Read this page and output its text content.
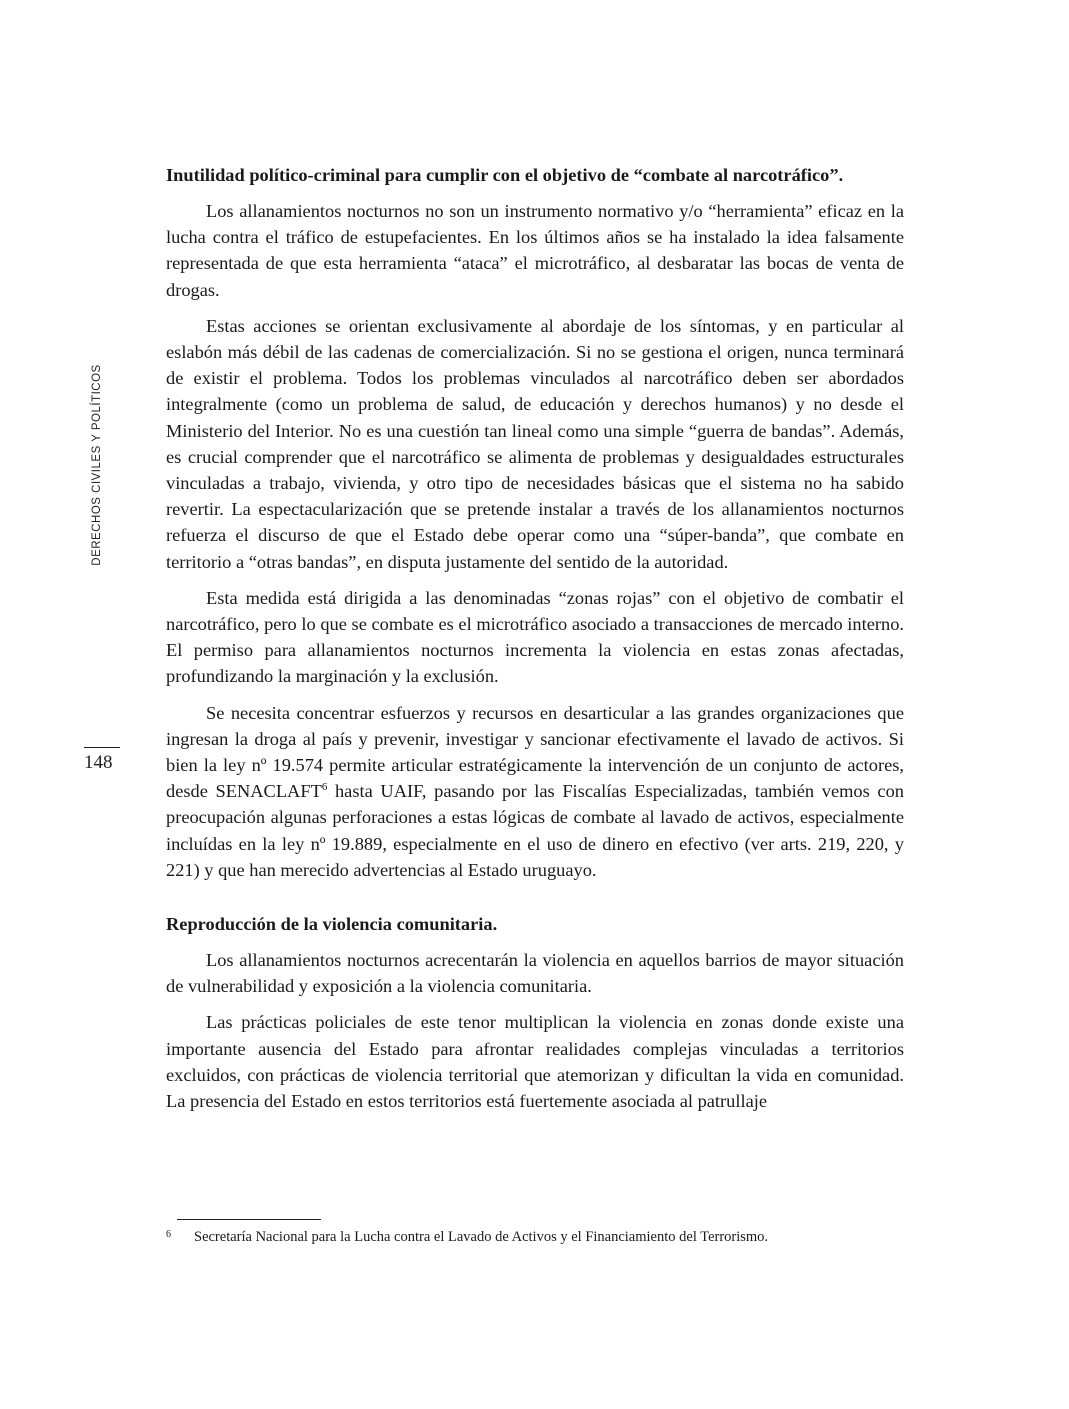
DERECHOS CIVILES Y POLÍTICOS
148
Inutilidad político-criminal para cumplir con el objetivo de “combate al narcotráfico”.

Los allanamientos nocturnos no son un instrumento normativo y/o “herramienta” eficaz en la lucha contra el tráfico de estupefacientes. En los últimos años se ha instalado la idea falsamente representada de que esta herramienta “ataca” el microtráfico, al desbaratar las bocas de venta de drogas.

Estas acciones se orientan exclusivamente al abordaje de los síntomas, y en particular al eslabón más débil de las cadenas de comercialización. Si no se gestiona el origen, nunca terminará de existir el problema. Todos los problemas vinculados al narcotráfico deben ser abordados integralmente (como un problema de salud, de educación y derechos humanos) y no desde el Ministerio del Interior. No es una cuestión tan lineal como una simple “guerra de bandas”. Además, es crucial comprender que el narcotráfico se alimenta de problemas y desigualdades estructurales vinculadas a trabajo, vivienda, y otro tipo de necesidades básicas que el sistema no ha sabido revertir. La espectacularización que se pretende instalar a través de los allanamientos nocturnos refuerza el discurso de que el Estado debe operar como una “súper-banda”, que combate en territorio a “otras bandas”, en disputa justamente del sentido de la autoridad.

Esta medida está dirigida a las denominadas “zonas rojas” con el objetivo de combatir el narcotráfico, pero lo que se combate es el microtráfico asociado a transacciones de mercado interno. El permiso para allanamientos nocturnos incrementa la violencia en estas zonas afectadas, profundizando la marginación y la exclusión.

Se necesita concentrar esfuerzos y recursos en desarticular a las grandes organizaciones que ingresan la droga al país y prevenir, investigar y sancionar efectivamente el lavado de activos. Si bien la ley nº 19.574 permite articular estratégicamente la intervención de un conjunto de actores, desde SENACLAFT$^6$ hasta UAIF, pasando por las Fiscalías Especializadas, también vemos con preocupación algunas perforaciones a estas lógicas de combate al lavado de activos, especialmente incluídas en la ley nº 19.889, especialmente en el uso de dinero en efectivo (ver arts. 219, 220, y 221) y que han merecido advertencias al Estado uruguayo.

Reproducción de la violencia comunitaria.

Los allanamientos nocturnos acrecentarán la violencia en aquellos barrios de mayor situación de vulnerabilidad y exposición a la violencia comunitaria.

Las prácticas policiales de este tenor multiplican la violencia en zonas donde existe una importante ausencia del Estado para afrontar realidades complejas vinculadas a territorios excluidos, con prácticas de violencia territorial que atemorizan y dificultan la vida en comunidad. La presencia del Estado en estos territorios está fuertemente asociada al patrullaje

6 Secretaría Nacional para la Lucha contra el Lavado de Activos y el Financiamiento del Terrorismo.
